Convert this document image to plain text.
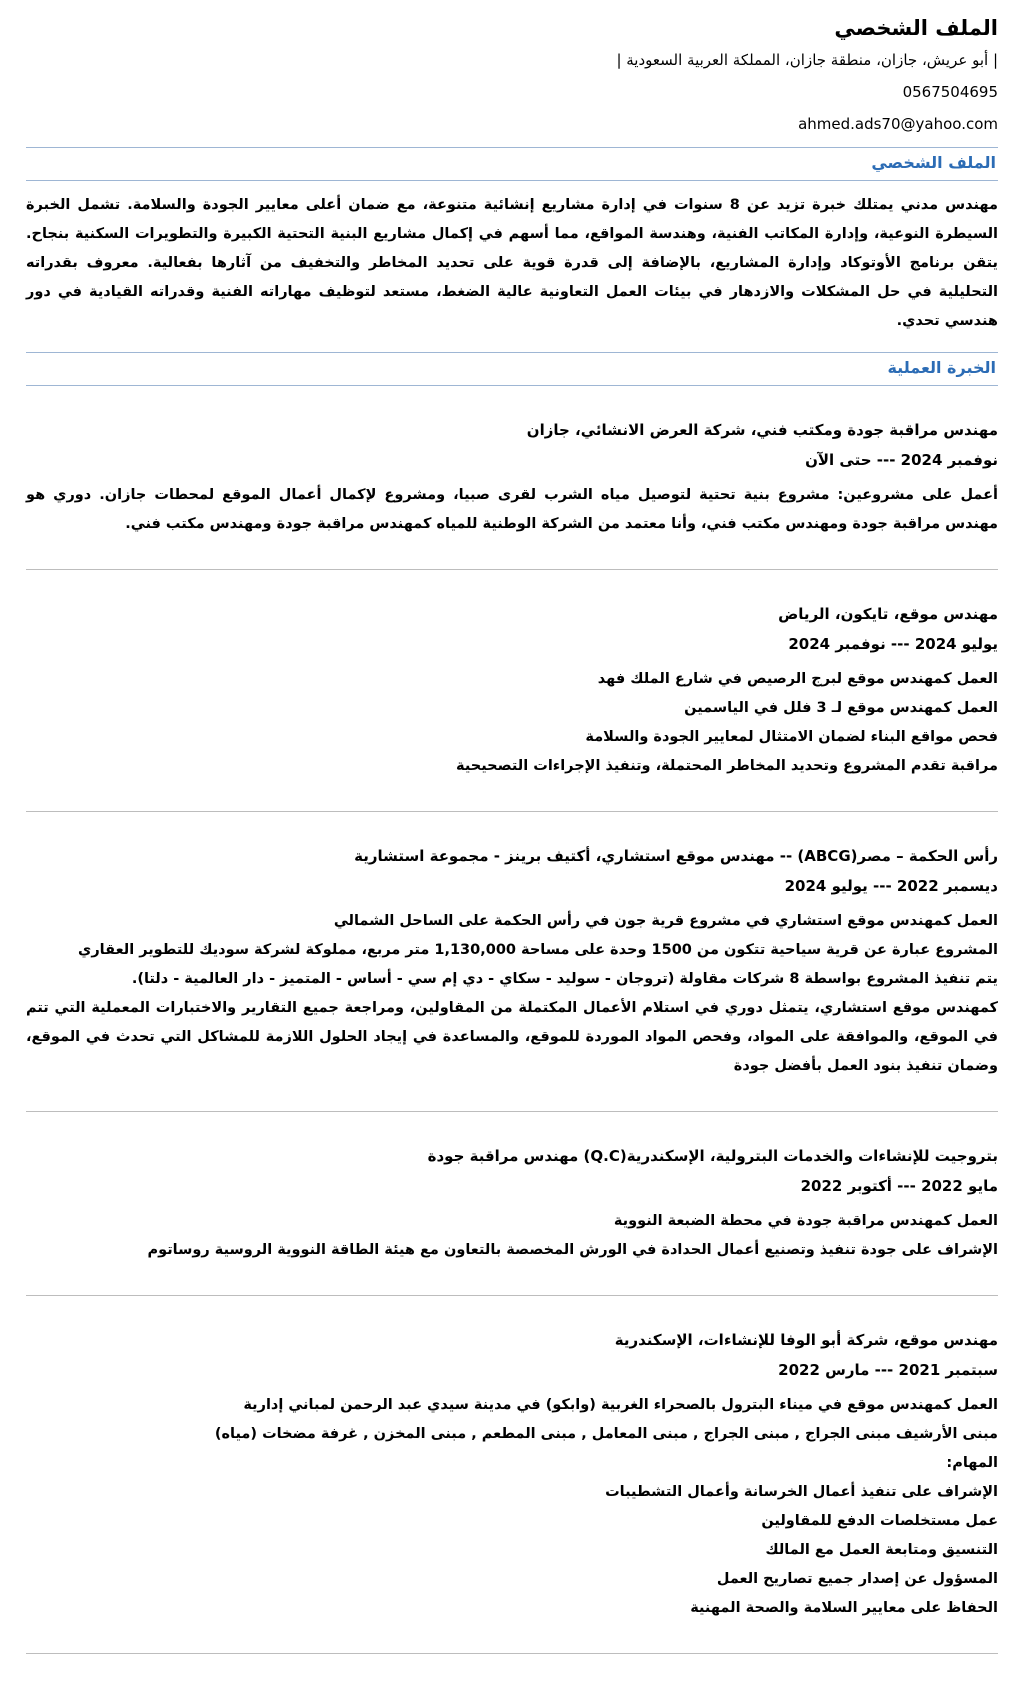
الملف الشخصي
| أبو عريش، جازان، منطقة جازان، المملكة العربية السعودية |
0567504695
ahmed.ads70@yahoo.com
الملف الشخصي

مهندس مدني يمتلك خبرة تزيد عن 8 سنوات في إدارة مشاريع إنشائية متنوعة، مع ضمان أعلى معايير الجودة والسلامة. تشمل الخبرة السيطرة النوعية، وإدارة المكاتب الفنية، وهندسة المواقع، مما أسهم في إكمال مشاريع البنية التحتية الكبيرة والتطويرات السكنية بنجاح. يتقن برنامج الأوتوكاد وإدارة المشاريع، بالإضافة إلى قدرة قوية على تحديد المخاطر والتخفيف من آثارها بفعالية. معروف بقدراته التحليلية في حل المشكلات والازدهار في بيئات العمل التعاونية عالية الضغط، مستعد لتوظيف مهاراته الفنية وقدراته القيادية في دور هندسي تحدي.

الخبرة العملية
مهندس مراقبة جودة ومكتب فني، شركة العرض الانشائي، جازان
نوفمبر 2024 --- حتى الآن

أعمل على مشروعين: مشروع بنية تحتية لتوصيل مياه الشرب لقرى صبيا، ومشروع لإكمال أعمال الموقع لمحطات جازان. دوري هو مهندس مراقبة جودة ومهندس مكتب فني، وأنا معتمد من الشركة الوطنية للمياه كمهندس مراقبة جودة ومهندس مكتب فني.

مهندس موقع، تايكون، الرياض
يوليو 2024 --- نوفمبر 2024

العمل كمهندس موقع لبرج الرصيص في شارع الملك فهد

العمل كمهندس موقع لـ 3 فلل في الياسمين

فحص مواقع البناء لضمان الامتثال لمعايير الجودة والسلامة

مراقبة تقدم المشروع وتحديد المخاطر المحتملة، وتنفيذ الإجراءات التصحيحية

رأس الحكمة – مصر(ABCG) -- مهندس موقع استشاري، أكتيف برينز - مجموعة استشارية
ديسمبر 2022 --- يوليو 2024

العمل كمهندس موقع استشاري في مشروع قرية جون في رأس الحكمة على الساحل الشمالي

المشروع عبارة عن قرية سياحية تتكون من 1500 وحدة على مساحة 1,130,000 متر مربع، مملوكة لشركة سوديك للتطوير العقاري

يتم تنفيذ المشروع بواسطة 8 شركات مقاولة (تروجان - سوليد - سكاي - دي إم سي - أساس - المتميز - دار العالمية - دلتا).

كمهندس موقع استشاري، يتمثل دوري في استلام الأعمال المكتملة من المقاولين، ومراجعة جميع التقارير والاختبارات المعملية التي تتم في الموقع، والموافقة على المواد، وفحص المواد الموردة للموقع، والمساعدة في إيجاد الحلول اللازمة للمشاكل التي تحدث في الموقع، وضمان تنفيذ بنود العمل بأفضل جودة

بتروجيت للإنشاءات والخدمات البترولية، الإسكندرية(Q.C) مهندس مراقبة جودة
مايو 2022 --- أكتوبر 2022

العمل كمهندس مراقبة جودة في محطة الضبعة النووية

الإشراف على جودة تنفيذ وتصنيع أعمال الحدادة في الورش المخصصة بالتعاون مع هيئة الطاقة النووية الروسية روساتوم

مهندس موقع، شركة أبو الوفا للإنشاءات، الإسكندرية
سبتمبر 2021 --- مارس 2022

العمل كمهندس موقع في ميناء البترول بالصحراء الغربية (وابكو) في مدينة سيدي عبد الرحمن لمباني إدارية

مبنى الأرشيف مبنى الجراج , مبنى الجراج , مبنى المعامل , مبنى المطعم , مبنى المخزن , غرفة مضخات (مياه)

المهام:

الإشراف على تنفيذ أعمال الخرسانة وأعمال التشطيبات

عمل مستخلصات الدفع للمقاولين

التنسيق ومتابعة العمل مع المالك

المسؤول عن إصدار جميع تصاريح العمل

الحفاظ على معايير السلامة والصحة المهنية
